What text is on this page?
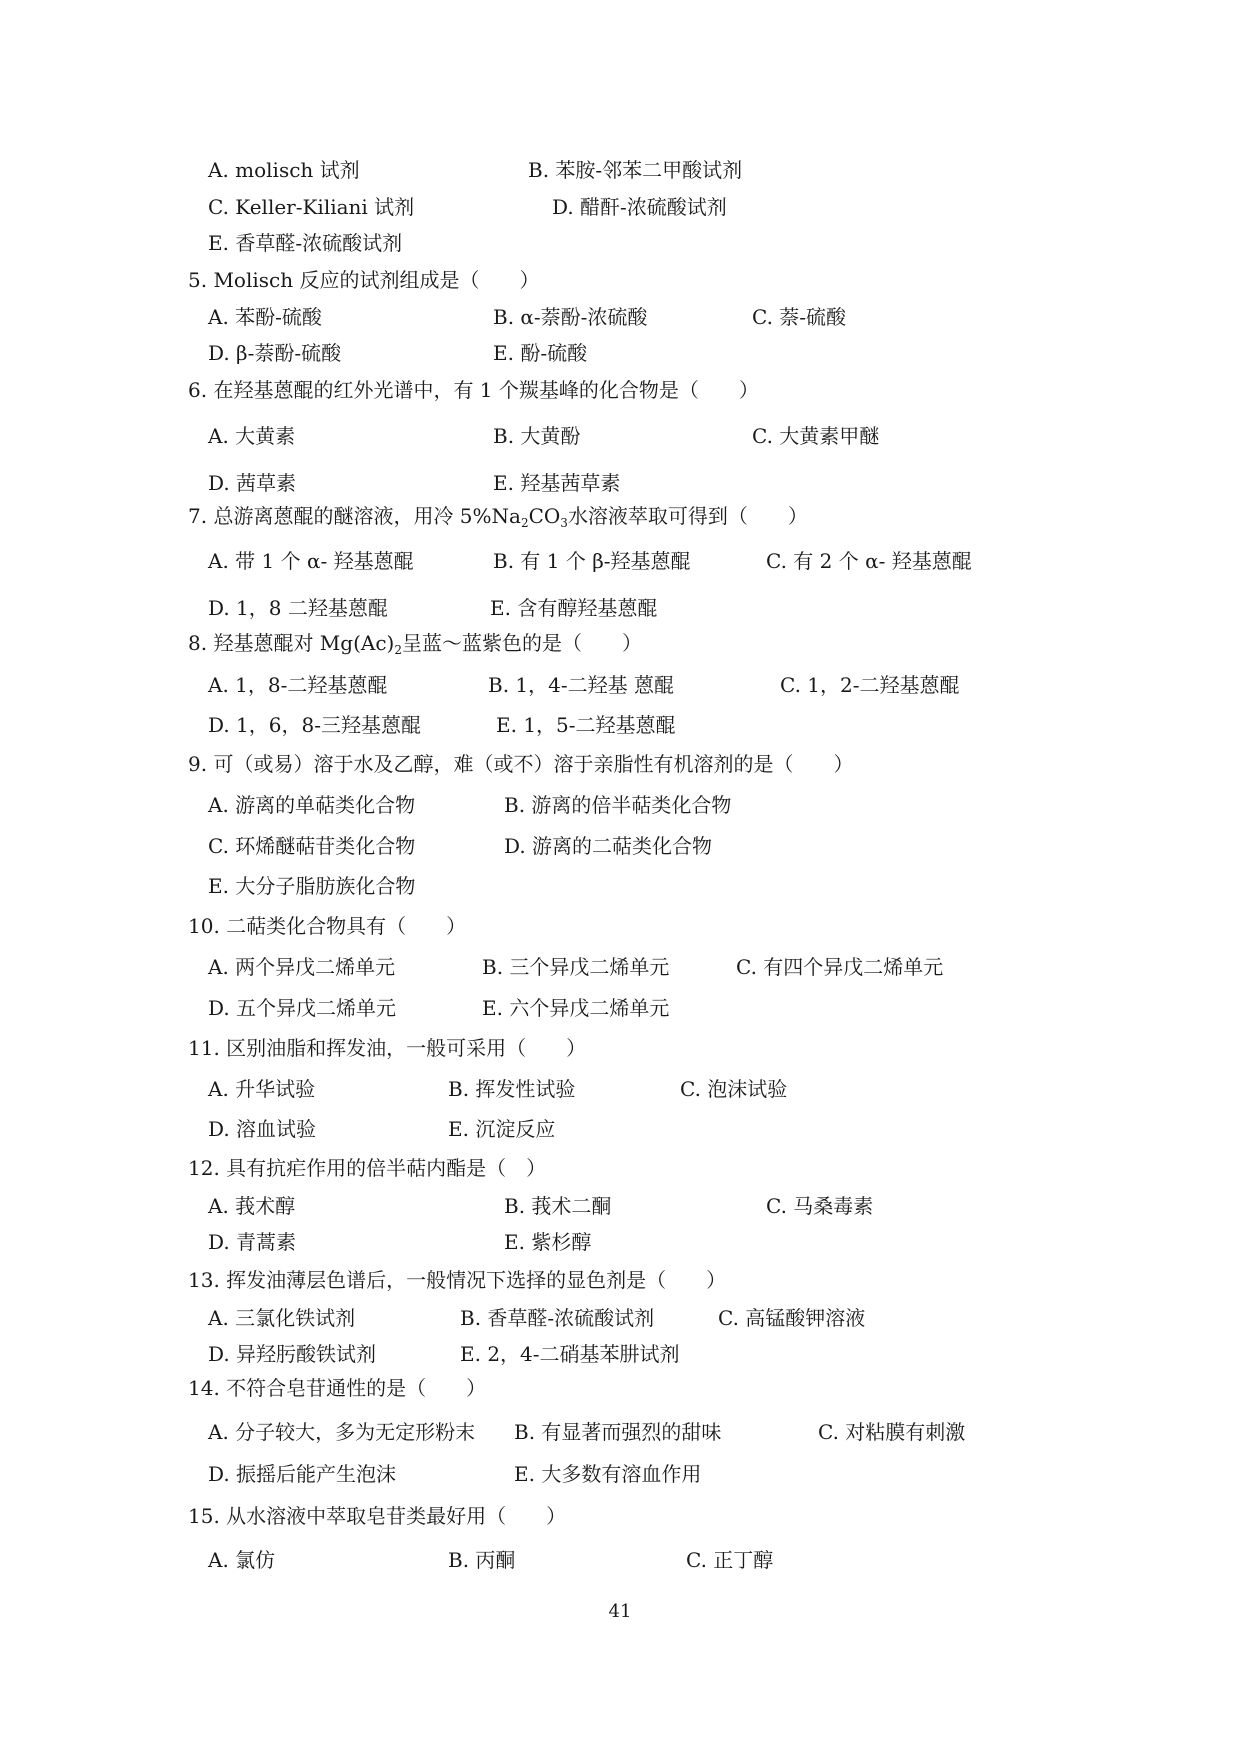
A. molisch 试剂	B. 苯胺-邻苯二甲酸试剂
C. Keller-Kiliani 试剂	D. 醋酐-浓硫酸试剂
E. 香草醛-浓硫酸试剂
5. Molisch 反应的试剂组成是（　　）
A. 苯酚-硫酸	B. α-萘酚-浓硫酸	C. 萘-硫酸
D. β-萘酚-硫酸	E. 酚-硫酸
6. 在羟基蒽醌的红外光谱中，有 1 个羰基峰的化合物是（　　）
A. 大黄素	B. 大黄酚	C. 大黄素甲醚
D. 茜草素	E. 羟基茜草素
7. 总游离蒽醌的醚溶液，用冷 $5\%Na_2CO_3$水溶液萃取可得到（　　）
A. 带 1 个 α- 羟基蒽醌	B. 有 1 个 β-羟基蒽醌	C. 有 2 个 α- 羟基蒽醌
D. 1，8 二羟基蒽醌	E. 含有醇羟基蒽醌
8. 羟基蒽醌对 $Mg(Ac)_2$呈蓝～蓝紫色的是（　　）
A. 1，8-二羟基蒽醌	B. 1，4-二羟基 蒽醌	C. 1，2-二羟基蒽醌
D. 1，6，8-三羟基蒽醌	E. 1，5-二羟基蒽醌
9. 可（或易）溶于水及乙醇，难（或不）溶于亲脂性有机溶剂的是（　　）
A. 游离的单萜类化合物	B. 游离的倍半萜类化合物
C. 环烯醚萜苷类化合物	D. 游离的二萜类化合物
E. 大分子脂肪族化合物
10. 二萜类化合物具有（　　）
A. 两个异戊二烯单元	B. 三个异戊二烯单元	C. 有四个异戊二烯单元
D. 五个异戊二烯单元	E. 六个异戊二烯单元
11. 区别油脂和挥发油，一般可采用（　　）
A. 升华试验	B. 挥发性试验	C. 泡沫试验
D. 溶血试验	E. 沉淀反应
12. 具有抗疟作用的倍半萜内酯是（　）
A. 莪术醇	B. 莪术二酮	C. 马桑毒素
D. 青蒿素	E. 紫杉醇
13. 挥发油薄层色谱后，一般情况下选择的显色剂是（　　）
A. 三氯化铁试剂	B. 香草醛-浓硫酸试剂	C. 高锰酸钾溶液
D. 异羟肟酸铁试剂	E. 2，4-二硝基苯肼试剂
14. 不符合皂苷通性的是（　　）
A. 分子较大，多为无定形粉末 B. 有显著而强烈的甜味	C. 对粘膜有刺激
D. 振摇后能产生泡沫	E. 大多数有溶血作用
15. 从水溶液中萃取皂苷类最好用（　　）
A. 氯仿	B. 丙酮	C. 正丁醇
41
